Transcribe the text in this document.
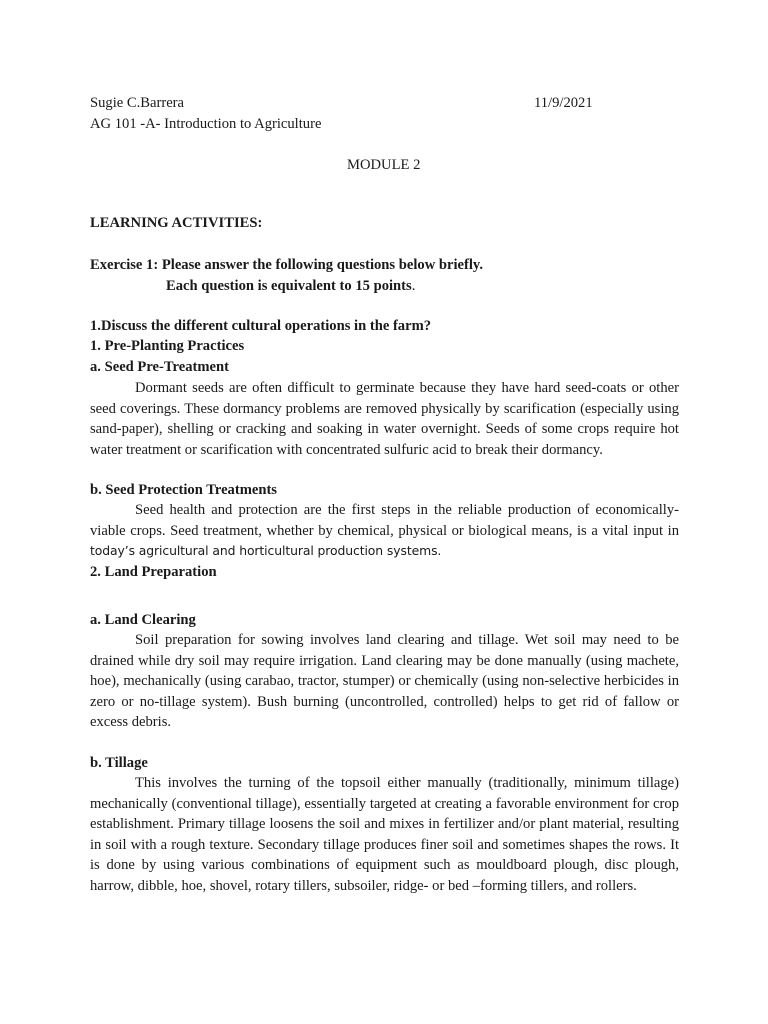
Sugie C.Barrera	11/9/2021
AG 101 -A- Introduction to Agriculture
MODULE 2
LEARNING ACTIVITIES:
Exercise 1: Please answer the following questions below briefly.
Each question is equivalent to 15 points.
1.Discuss the different cultural operations in the farm?
1. Pre-Planting Practices
a. Seed Pre-Treatment

Dormant seeds are often difficult to germinate because they have hard seed-coats or other seed coverings. These dormancy problems are removed physically by scarification (especially using sand-paper), shelling or cracking and soaking in water overnight. Seeds of some crops require hot water treatment or scarification with concentrated sulfuric acid to break their dormancy.

b. Seed Protection Treatments

Seed health and protection are the first steps in the reliable production of economically-viable crops. Seed treatment, whether by chemical, physical or biological means, is a vital input in today’s agricultural and horticultural production systems.

2. Land Preparation
a. Land Clearing

Soil preparation for sowing involves land clearing and tillage. Wet soil may need to be drained while dry soil may require irrigation. Land clearing may be done manually (using machete, hoe), mechanically (using carabao, tractor, stumper) or chemically (using non-selective herbicides in zero or no-tillage system). Bush burning (uncontrolled, controlled) helps to get rid of fallow or excess debris.

b. Tillage

This involves the turning of the topsoil either manually (traditionally, minimum tillage) mechanically (conventional tillage), essentially targeted at creating a favorable environment for crop establishment. Primary tillage loosens the soil and mixes in fertilizer and/or plant material, resulting in soil with a rough texture. Secondary tillage produces finer soil and sometimes shapes the rows. It is done by using various combinations of equipment such as mouldboard plough, disc plough, harrow, dibble, hoe, shovel, rotary tillers, subsoiler, ridge- or bed –forming tillers, and rollers.
